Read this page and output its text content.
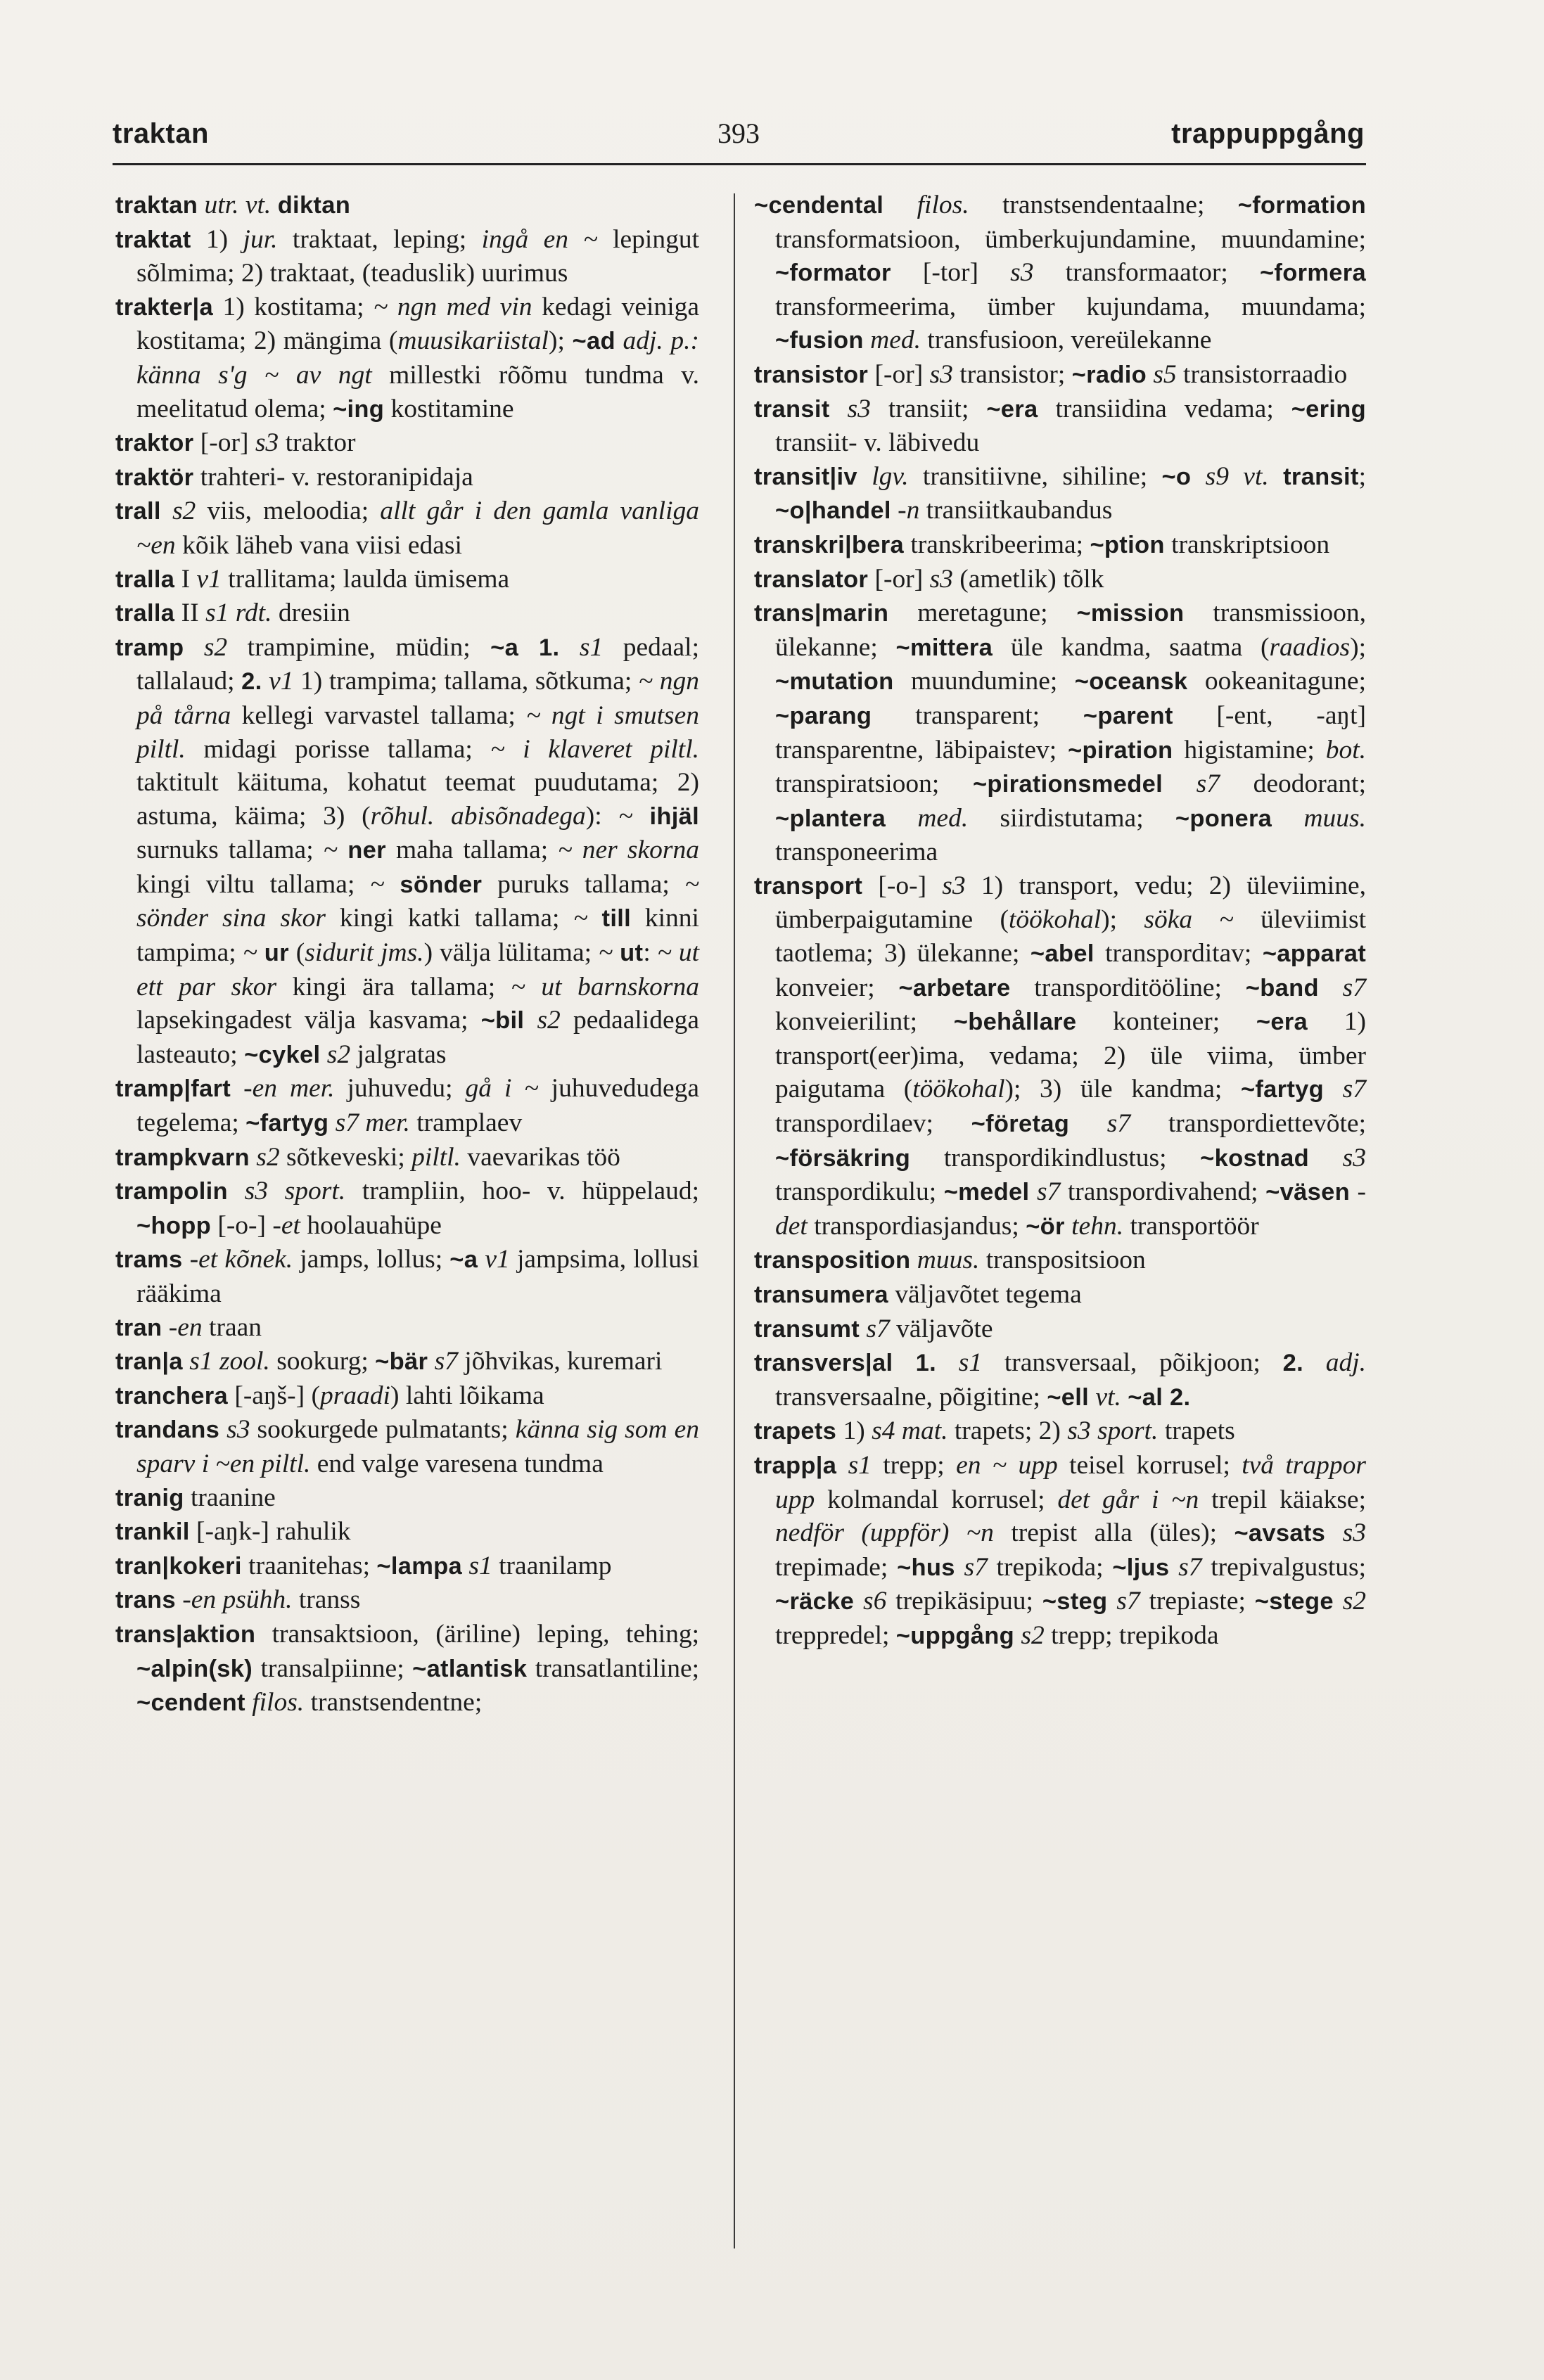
traktan	393	trappuppgång

traktan utr. vt. diktan

traktat 1) jur. traktaat, leping; ingå en ~ lepingut sõlmima; 2) traktaat, (teaduslik) uurimus

trakter|a 1) kostitama; ~ ngn med vin kedagi veiniga kostitama; 2) mängima (muusikariistal); ~ad adj. p.: känna s'g ~ av ngt millestki rõõmu tundma v. meelitatud olema; ~ing kostitamine

traktor [-or] s3 traktor

traktör trahteri- v. restoranipidaja

trall s2 viis, meloodia; allt går i den gamla vanliga ~en kõik läheb vana viisi edasi

tralla I v1 trallitama; laulda ümisema

tralla II s1 rdt. dresiin

tramp s2 trampimine, müdin; ~a 1. s1 pedaal; tallalaud; 2. v1 1) trampima; tallama, sõtkuma; ~ ngn på tårna kellegi varvastel tallama; ~ ngt i smutsen piltl. midagi porisse tallama; ~ i klaveret piltl. taktitult käituma, kohatut teemat puudutama; 2) astuma, käima; 3) (rõhul. abisõnadega): ~ ihjäl surnuks tallama; ~ ner maha tallama; ~ ner skorna kingi viltu tallama; ~ sönder puruks tallama; ~ sönder sina skor kingi katki tallama; ~ till kinni tampima; ~ ur (sidurit jms.) välja lülitama; ~ ut: ~ ut ett par skor kingi ära tallama; ~ ut barnskorna lapsekingadest välja kasvama; ~bil s2 pedaalidega lasteauto; ~cykel s2 jalgratas

tramp|fart -en mer. juhuvedu; gå i ~ juhuvedudega tegelema; ~fartyg s7 mer. tramplaev

trampkvarn s2 sõtkeveski; piltl. vaevarikas töö

trampolin s3 sport. trampliin, hoo- v. hüppelaud; ~hopp [-o-] -et hoolauahüpe

trams -et kõnek. jamps, lollus; ~a v1 jampsima, lollusi rääkima

tran -en traan

tran|a s1 zool. sookurg; ~bär s7 jõhvikas, kuremari

tranchera [-aŋš-] (praadi) lahti lõikama

trandans s3 sookurgede pulmatants; känna sig som en sparv i ~en piltl. end valge varesena tundma

tranig traanine

trankil [-aŋk-] rahulik

tran|kokeri traanitehas; ~lampa s1 traanilamp

trans -en psühh. transs

trans|aktion transaktsioon, (äriline) leping, tehing; ~alpin(sk) transalpiinne; ~atlantisk transatlantiline; ~cendent filos. transtsendentne;

~cendental filos. transtsendentaalne; ~formation transformatsioon, ümberkujundamine, muundamine; ~formator [-tor] s3 transformaator; ~formera transformeerima, ümber kujundama, muundama; ~fusion med. transfusioon, vereülekanne

transistor [-or] s3 transistor; ~radio s5 transistorraadio

transit s3 transiit; ~era transiidina vedama; ~ering transiit- v. läbivedu

transit|iv lgv. transitiivne, sihiline; ~o s9 vt. transit; ~o|handel -n transiitkaubandus

transkri|bera transkribeerima; ~ption transkriptsioon

translator [-or] s3 (ametlik) tõlk

trans|marin meretagune; ~mission transmissioon, ülekanne; ~mittera üle kandma, saatma (raadios); ~mutation muundumine; ~oceansk ookeanitagune; ~parang transparent; ~parent [-ent, -aŋt] transparentne, läbipaistev; ~piration higistamine; bot. transpiratsioon; ~pirationsmedel s7 deodorant; ~plantera med. siirdistutama; ~ponera muus. transponeerima

transport [-o-] s3 1) transport, vedu; 2) üleviimine, ümberpaigutamine (töökohal); söka ~ üleviimist taotlema; 3) ülekanne; ~abel transporditav; ~apparat konveier; ~arbetare transporditööline; ~band s7 konveierilint; ~behållare konteiner; ~era 1) transport(eer)ima, vedama; 2) üle viima, ümber paigutama (töökohal); 3) üle kandma; ~fartyg s7 transpordilaev; ~företag s7 transpordiettevõte; ~försäkring transpordikindlustus; ~kostnad s3 transpordikulu; ~medel s7 transpordivahend; ~väsen -det transpordiasjandus; ~ör tehn. transportöör

transposition muus. transpositsioon

transumera väljavõtet tegema

transumt s7 väljavõte

transvers|al 1. s1 transversaal, põikjoon; 2. adj. transversaalne, põigitine; ~ell vt. ~al 2.

trapets 1) s4 mat. trapets; 2) s3 sport. trapets

trapp|a s1 trepp; en ~ upp teisel korrusel; två trappor upp kolmandal korrusel; det går i ~n trepil käiakse; nedför (uppför) ~n trepist alla (üles); ~avsats s3 trepimade; ~hus s7 trepikoda; ~ljus s7 trepivalgustus; ~räcke s6 trepikäsipuu; ~steg s7 trepiaste; ~stege s2 treppredel; ~uppgång s2 trepp; trepikoda
